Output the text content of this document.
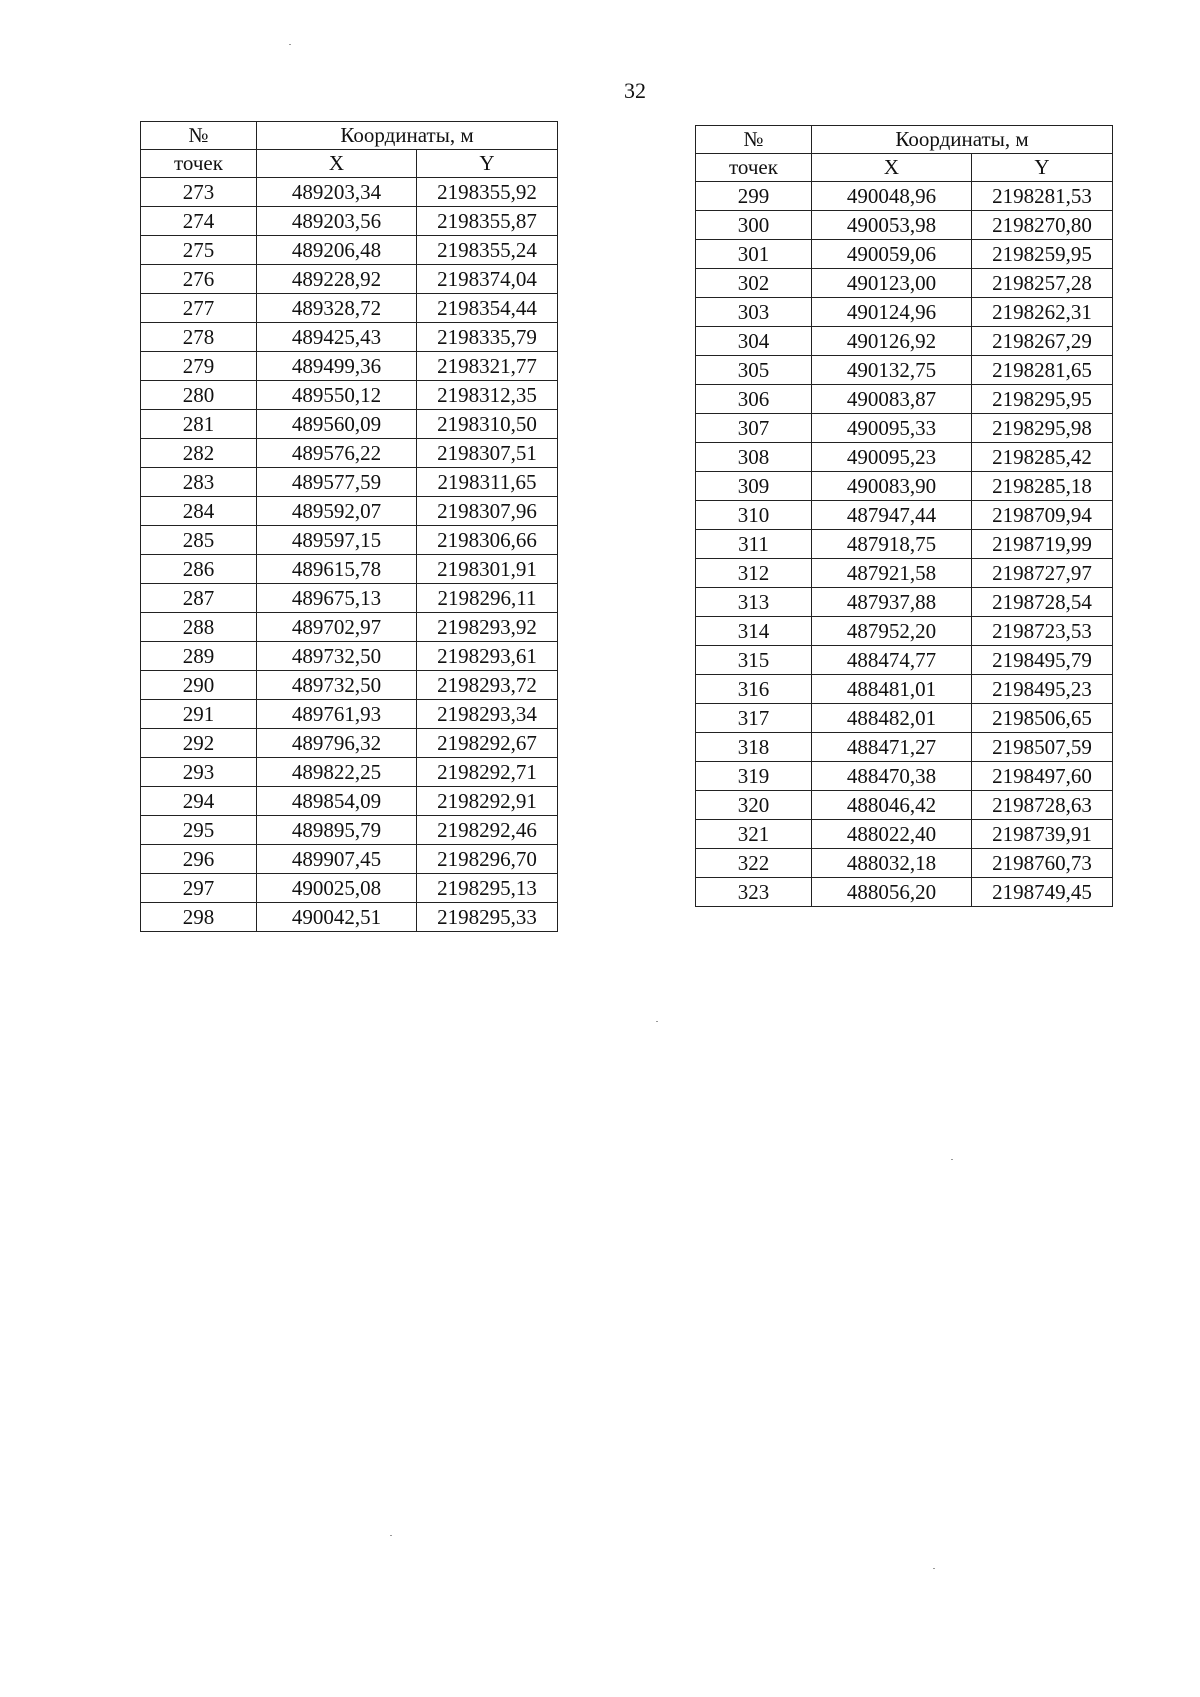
32
№	Координаты, м	
точек	X	Y
273	489203,34	2198355,92
274	489203,56	2198355,87
275	489206,48	2198355,24
276	489228,92	2198374,04
277	489328,72	2198354,44
278	489425,43	2198335,79
279	489499,36	2198321,77
280	489550,12	2198312,35
281	489560,09	2198310,50
282	489576,22	2198307,51
283	489577,59	2198311,65
284	489592,07	2198307,96
285	489597,15	2198306,66
286	489615,78	2198301,91
287	489675,13	2198296,11
288	489702,97	2198293,92
289	489732,50	2198293,61
290	489732,50	2198293,72
291	489761,93	2198293,34
292	489796,32	2198292,67
293	489822,25	2198292,71
294	489854,09	2198292,91
295	489895,79	2198292,46
296	489907,45	2198296,70
297	490025,08	2198295,13
298	490042,51	2198295,33
№	Координаты, м	
точек	X	Y
299	490048,96	2198281,53
300	490053,98	2198270,80
301	490059,06	2198259,95
302	490123,00	2198257,28
303	490124,96	2198262,31
304	490126,92	2198267,29
305	490132,75	2198281,65
306	490083,87	2198295,95
307	490095,33	2198295,98
308	490095,23	2198285,42
309	490083,90	2198285,18
310	487947,44	2198709,94
311	487918,75	2198719,99
312	487921,58	2198727,97
313	487937,88	2198728,54
314	487952,20	2198723,53
315	488474,77	2198495,79
316	488481,01	2198495,23
317	488482,01	2198506,65
318	488471,27	2198507,59
319	488470,38	2198497,60
320	488046,42	2198728,63
321	488022,40	2198739,91
322	488032,18	2198760,73
323	488056,20	2198749,45
